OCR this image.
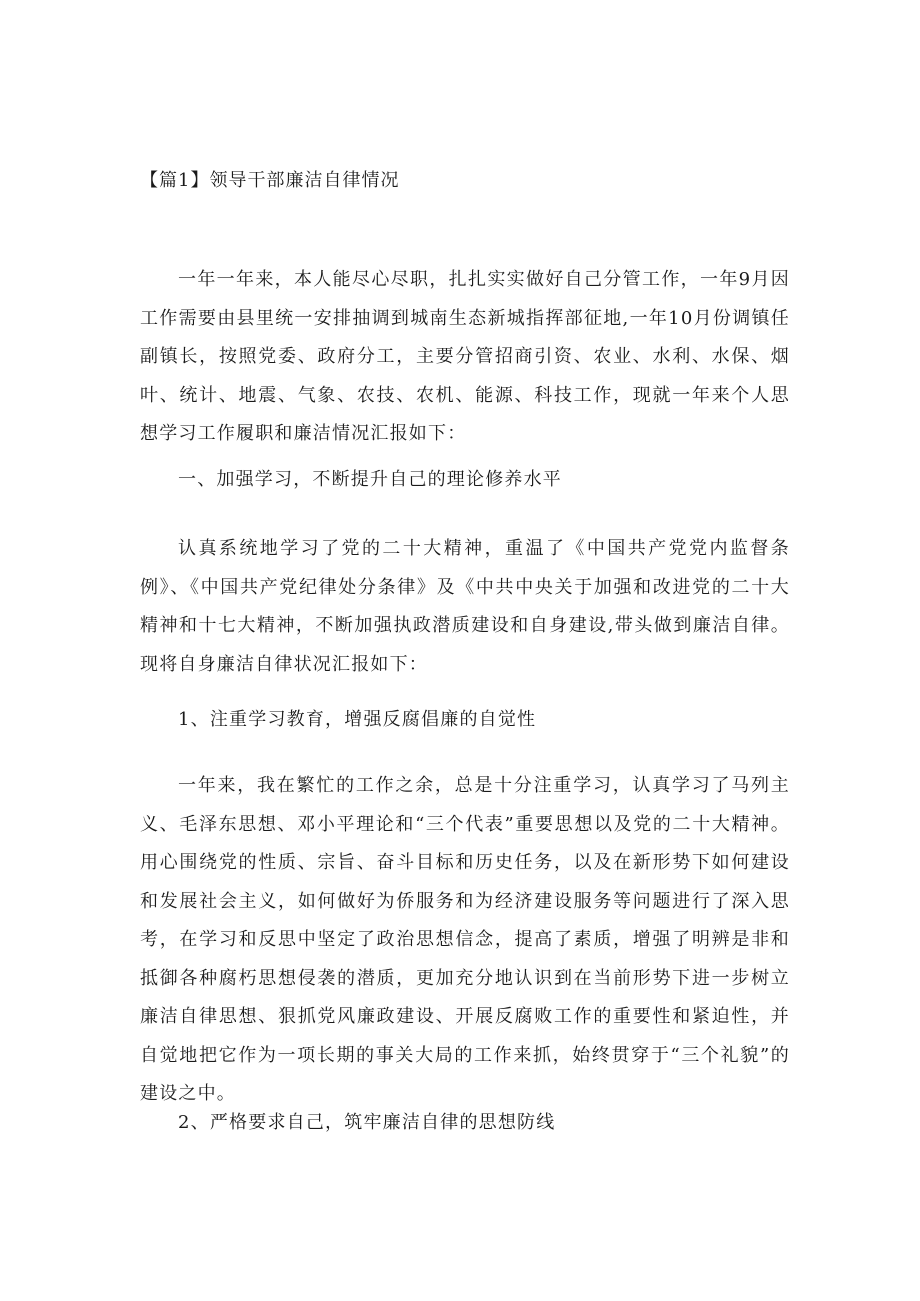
【篇1】领导干部廉洁自律情况

一年一年来，本人能尽心尽职，扎扎实实做好自己分管工作，一年9月因工作需要由县里统一安排抽调到城南生态新城指挥部征地,一年10月份调镇任副镇长，按照党委、政府分工，主要分管招商引资、农业、水利、水保、烟叶、统计、地震、气象、农技、农机、能源、科技工作，现就一年来个人思想学习工作履职和廉洁情况汇报如下：

一、加强学习，不断提升自己的理论修养水平

认真系统地学习了党的二十大精神，重温了《中国共产党党内监督条例》、《中国共产党纪律处分条律》及《中共中央关于加强和改进党的二十大精神和十七大精神，不断加强执政潜质建设和自身建设,带头做到廉洁自律。现将自身廉洁自律状况汇报如下：

1、注重学习教育，增强反腐倡廉的自觉性

一年来，我在繁忙的工作之余，总是十分注重学习，认真学习了马列主义、毛泽东思想、邓小平理论和“三个代表”重要思想以及党的二十大精神。用心围绕党的性质、宗旨、奋斗目标和历史任务，以及在新形势下如何建设和发展社会主义，如何做好为侨服务和为经济建设服务等问题进行了深入思考，在学习和反思中坚定了政治思想信念，提高了素质，增强了明辨是非和抵御各种腐朽思想侵袭的潜质，更加充分地认识到在当前形势下进一步树立廉洁自律思想、狠抓党风廉政建设、开展反腐败工作的重要性和紧迫性，并自觉地把它作为一项长期的事关大局的工作来抓，始终贯穿于“三个礼貌”的建设之中。

2、严格要求自己，筑牢廉洁自律的思想防线
